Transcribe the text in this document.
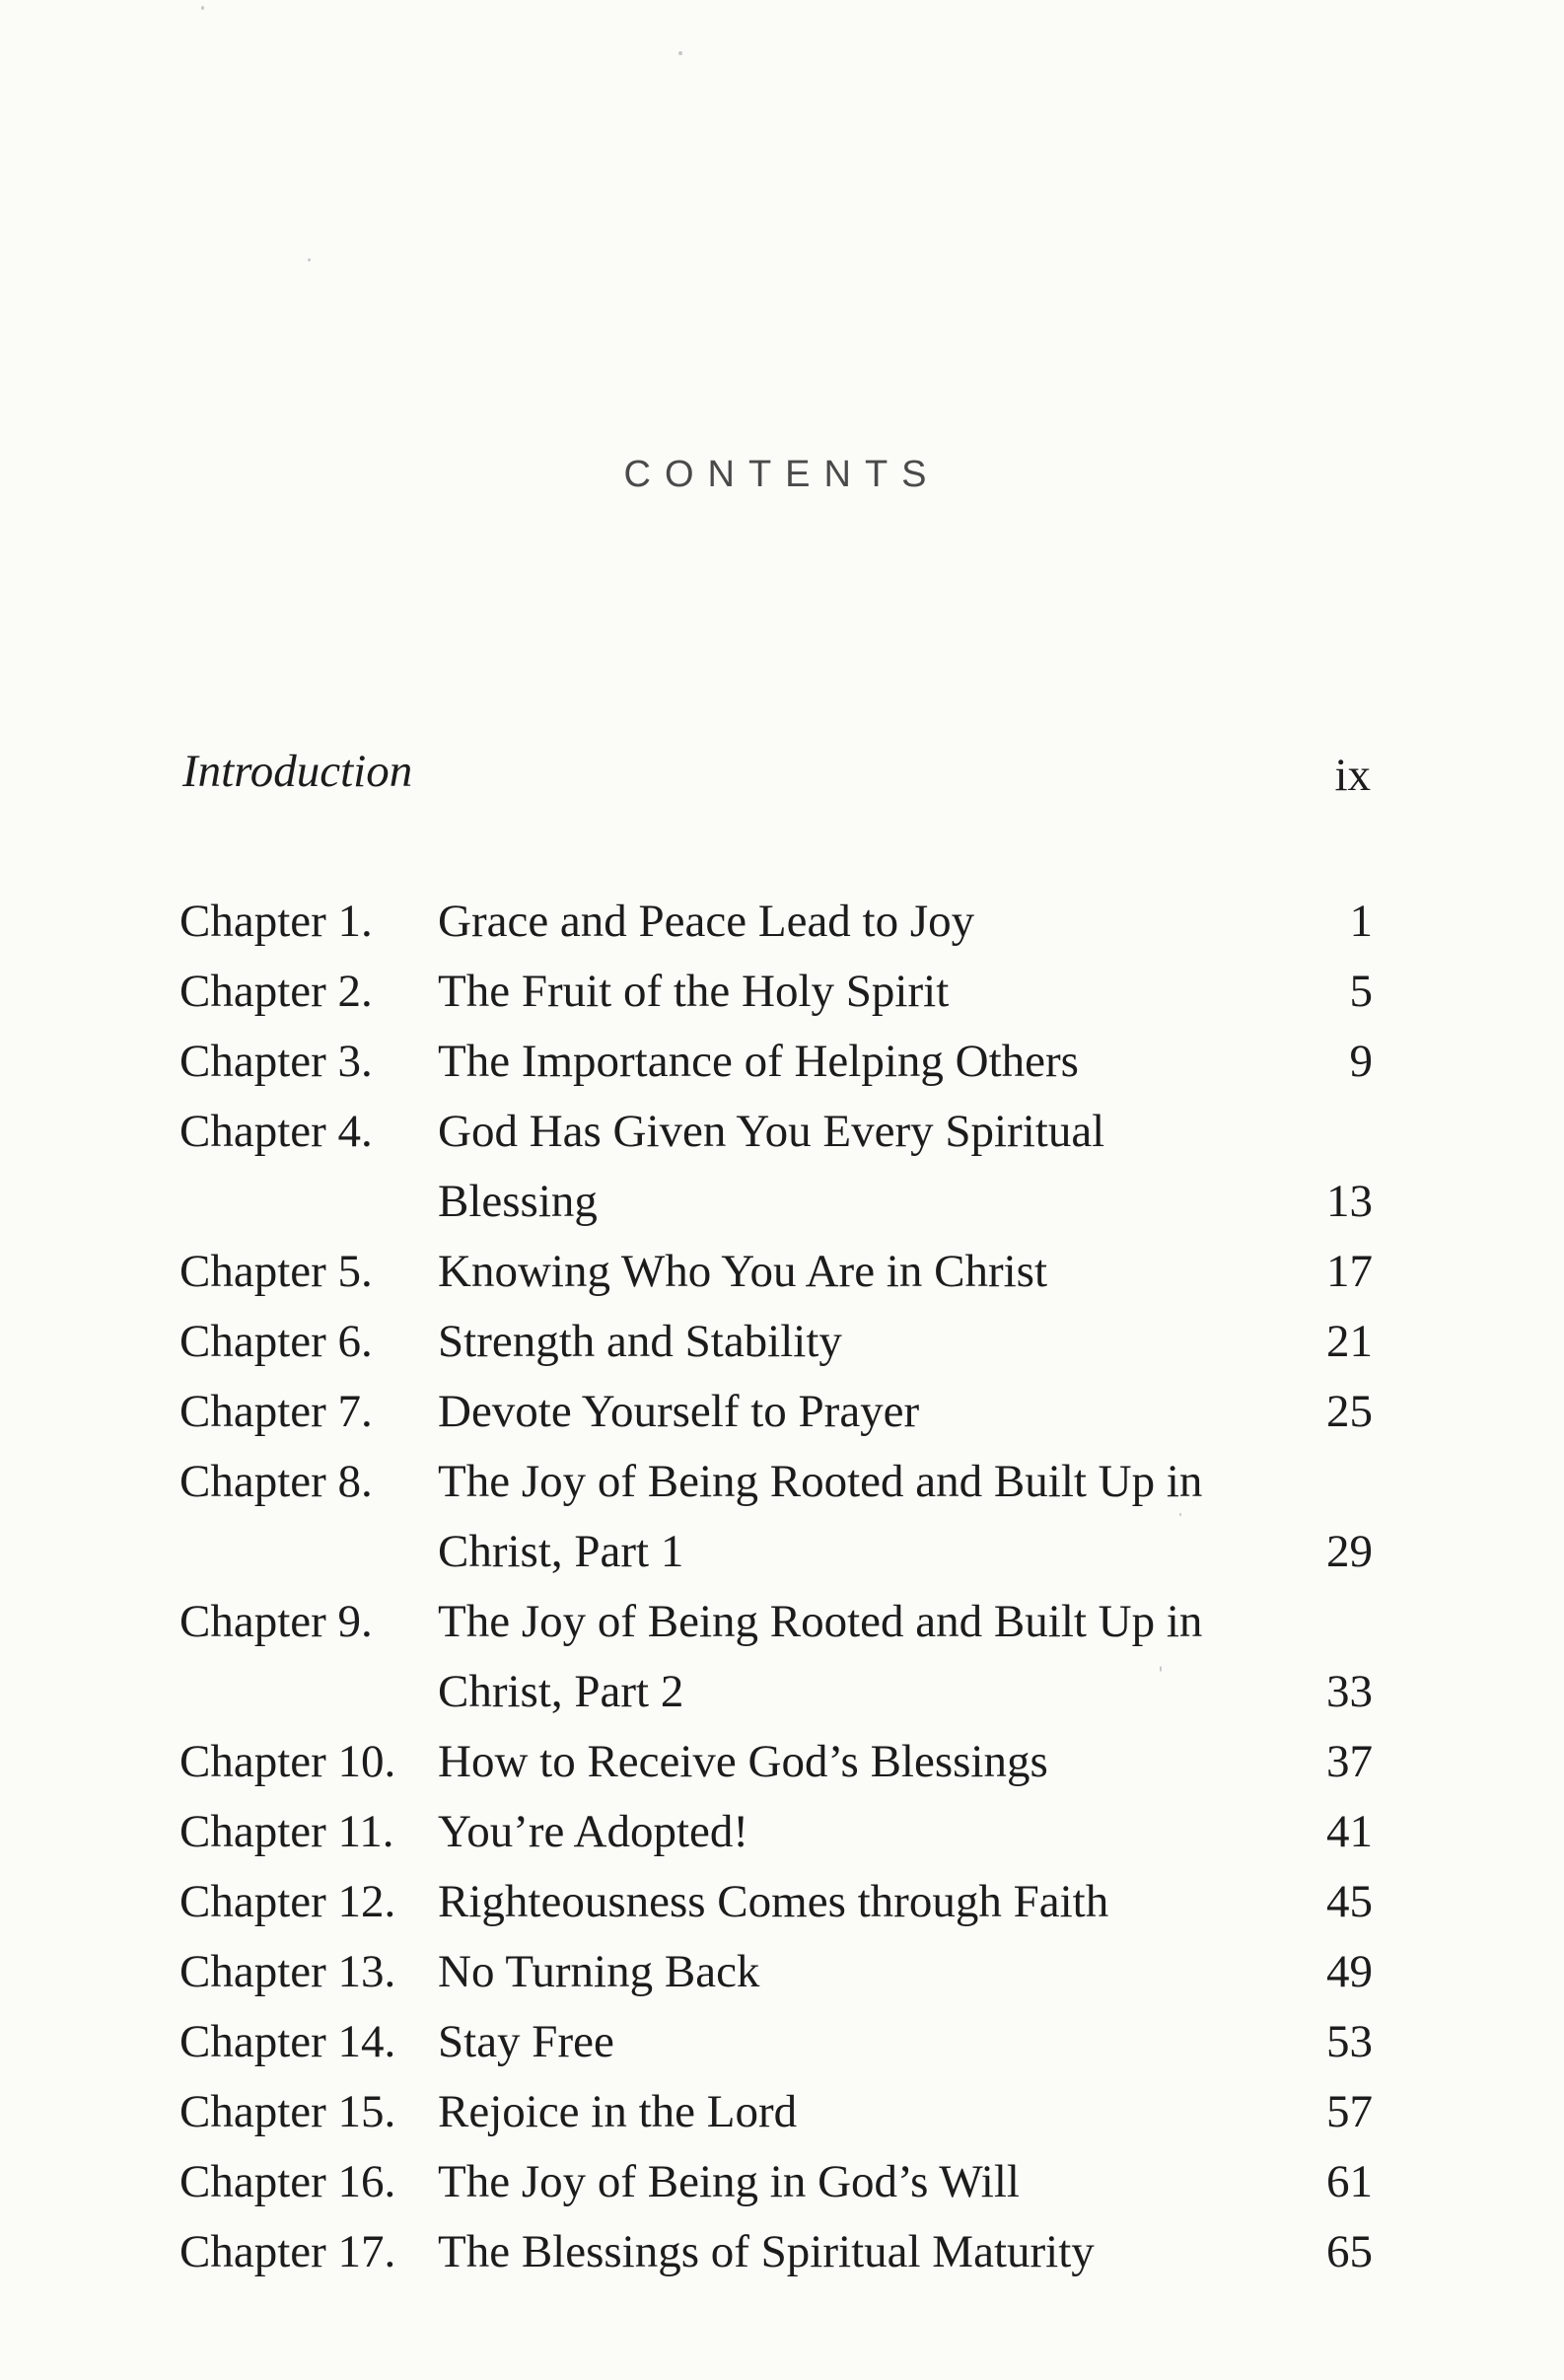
CONTENTS
Introduction	ix
Chapter 1.	Grace and Peace Lead to Joy	1
Chapter 2.	The Fruit of the Holy Spirit	5
Chapter 3.	The Importance of Helping Others	9
Chapter 4.	God Has Given You Every Spiritual Blessing	13
Chapter 5.	Knowing Who You Are in Christ	17
Chapter 6.	Strength and Stability	21
Chapter 7.	Devote Yourself to Prayer	25
Chapter 8.	The Joy of Being Rooted and Built Up in Christ, Part 1	29
Chapter 9.	The Joy of Being Rooted and Built Up in Christ, Part 2	33
Chapter 10. How to Receive God’s Blessings	37
Chapter 11. You’re Adopted!	41
Chapter 12. Righteousness Comes through Faith	45
Chapter 13. No Turning Back	49
Chapter 14. Stay Free	53
Chapter 15. Rejoice in the Lord	57
Chapter 16. The Joy of Being in God’s Will	61
Chapter 17. The Blessings of Spiritual Maturity	65
